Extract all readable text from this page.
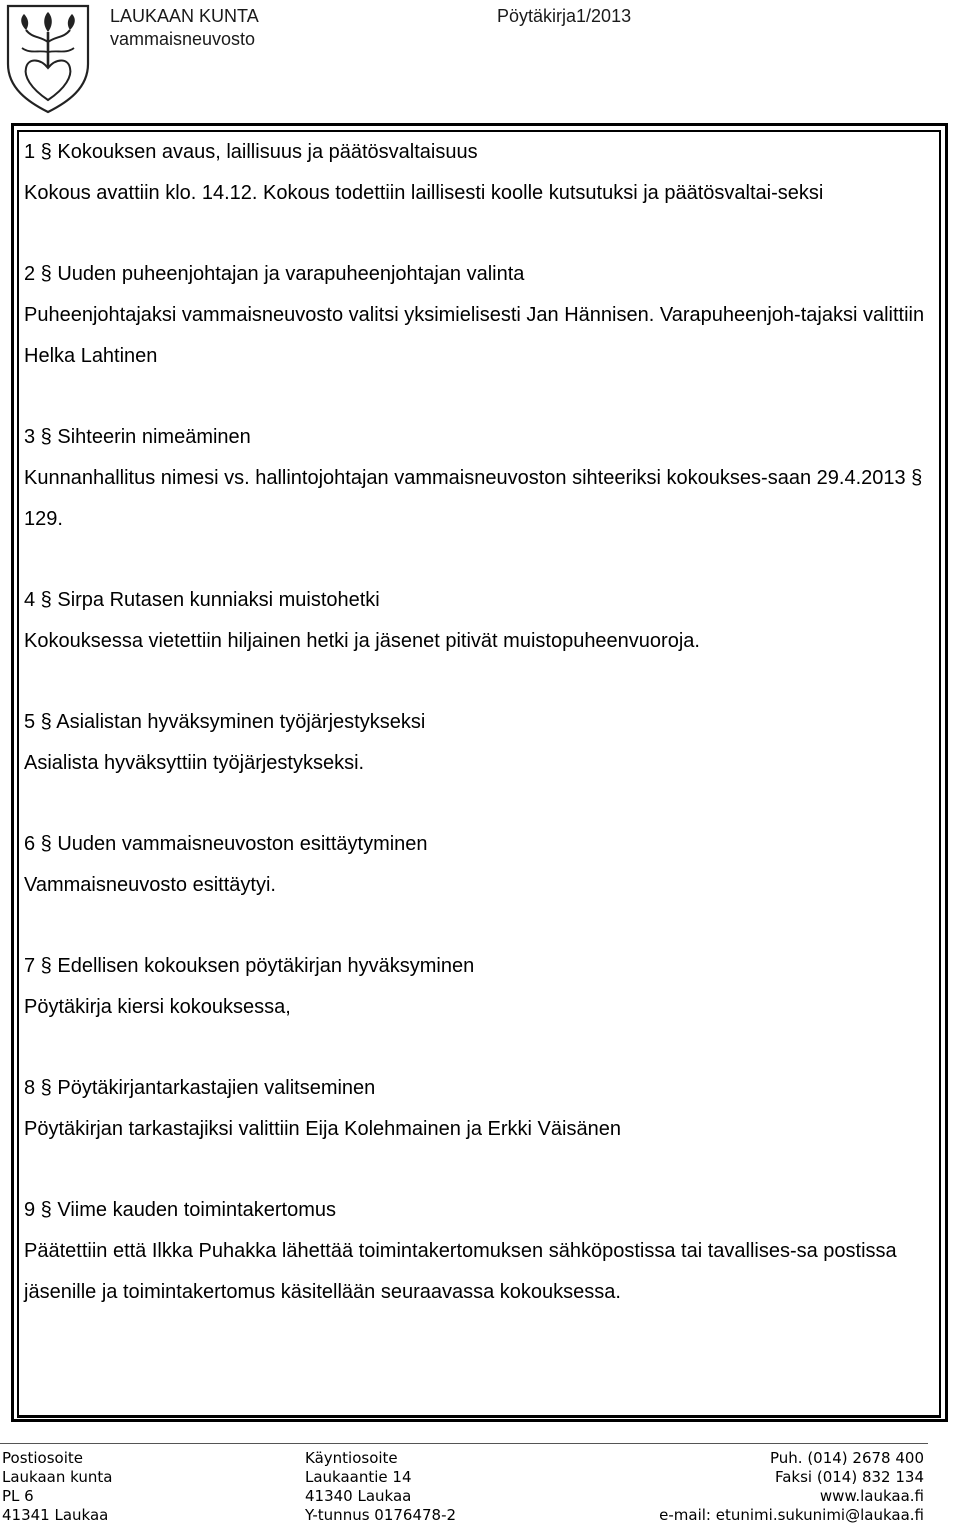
LAUKAAN KUNTA
vammaisneuvosto
Pöytäkirja1/2013

1 § Kokouksen avaus, laillisuus ja päätösvaltaisuus

Kokous avattiin klo. 14.12. Kokous todettiin laillisesti koolle kutsutuksi ja päätösvaltai-seksi

2 § Uuden puheenjohtajan ja varapuheenjohtajan valinta

Puheenjohtajaksi vammaisneuvosto valitsi yksimielisesti Jan Hännisen. Varapuheenjoh-tajaksi valittiin Helka Lahtinen

3 § Sihteerin nimeäminen

Kunnanhallitus nimesi vs. hallintojohtajan vammaisneuvoston sihteeriksi kokoukses-saan 29.4.2013 § 129.

4 § Sirpa Rutasen kunniaksi muistohetki

Kokouksessa vietettiin hiljainen hetki ja jäsenet pitivät muistopuheenvuoroja.

5 § Asialistan hyväksyminen työjärjestykseksi

Asialista hyväksyttiin työjärjestykseksi.

6 § Uuden vammaisneuvoston esittäytyminen

Vammaisneuvosto esittäytyi.

7 § Edellisen kokouksen pöytäkirjan hyväksyminen

Pöytäkirja kiersi kokouksessa,

8 § Pöytäkirjantarkastajien valitseminen

Pöytäkirjan tarkastajiksi valittiin Eija Kolehmainen ja Erkki Väisänen

9 § Viime kauden toimintakertomus

Päätettiin että Ilkka Puhakka lähettää toimintakertomuksen sähköpostissa tai tavallises-sa postissa jäsenille ja toimintakertomus käsitellään seuraavassa kokouksessa.

Postiosoite
Laukaan kunta
PL 6
41341 Laukaa
Käyntiosoite
Laukaantie 14
41340 Laukaa
Y-tunnus 0176478-2
Puh. (014) 2678 400
Faksi (014) 832 134
www.laukaa.fi
e-mail: etunimi.sukunimi@laukaa.fi
